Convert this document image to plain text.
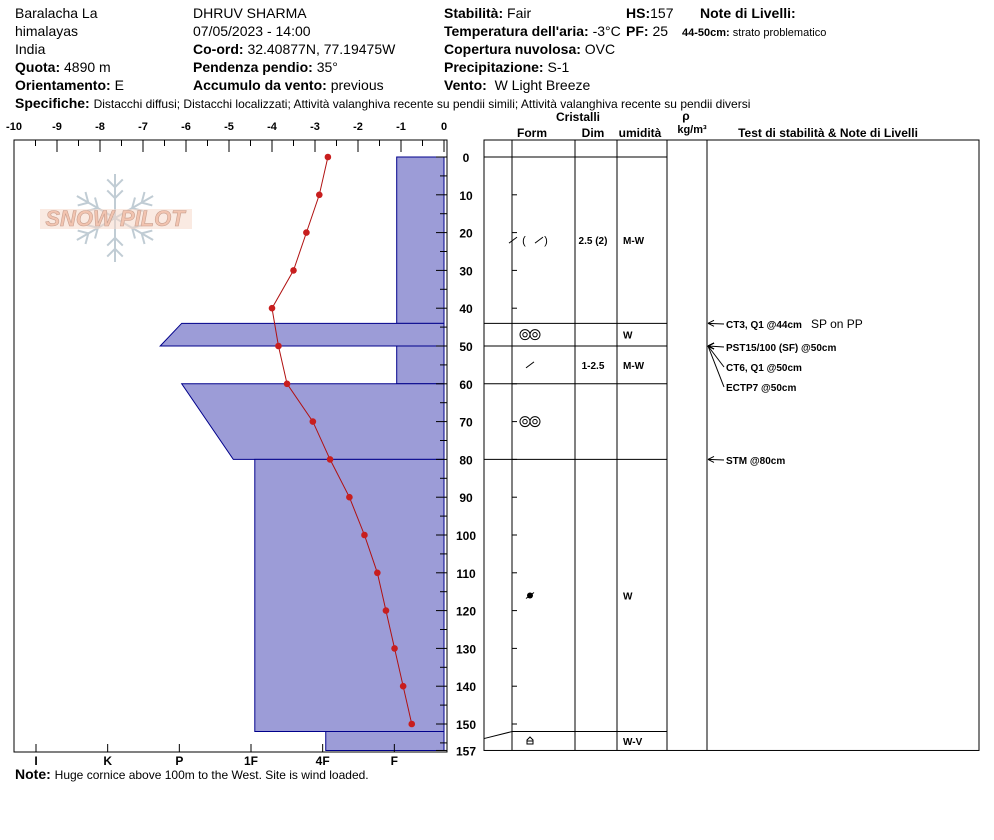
Baralacha La
himalayas
India
Quota: 4890 m
Orientamento: E
DHRUV SHARMA
07/05/2023 - 14:00
Co-ord: 32.40877N, 77.19475W
Pendenza pendio: 35°
Accumulo da vento: previous
Stabilità: Fair
Temperatura dell'aria: -3°C
Copertura nuvolosa: OVC
Precipitazione: S-1
Vento: W Light Breeze
HS:157
PF: 25
Note di Livelli:
44-50cm: strato problematico
Specifiche: Distacchi diffusi; Distacchi localizzati; Attività valanghiva recente su pendii simili; Attività valanghiva recente su pendii diversi
SNOW PILOT
-10	-9	-8	-7	-6	-5	-4	-3	-2	-1	0
I	K	P	1F	4F	F
0
10
20
30
40
50
60
70
80
90
100
110
120
130
140
150
157
( )	2.5 (2) M-W
W
1-2.5 M-W
W
W-V
CT3, Q1 @44cm SP on PP
PST15/100 (SF) @50cm
CT6, Q1 @50cm
ECTP7 @50cm
STM @80cm
Cristalli
Form	Dim umidità
ρ
kg/m³	Test di stabilità & Note di Livelli
Note: Huge cornice above 100m to the West. Site is wind loaded.
